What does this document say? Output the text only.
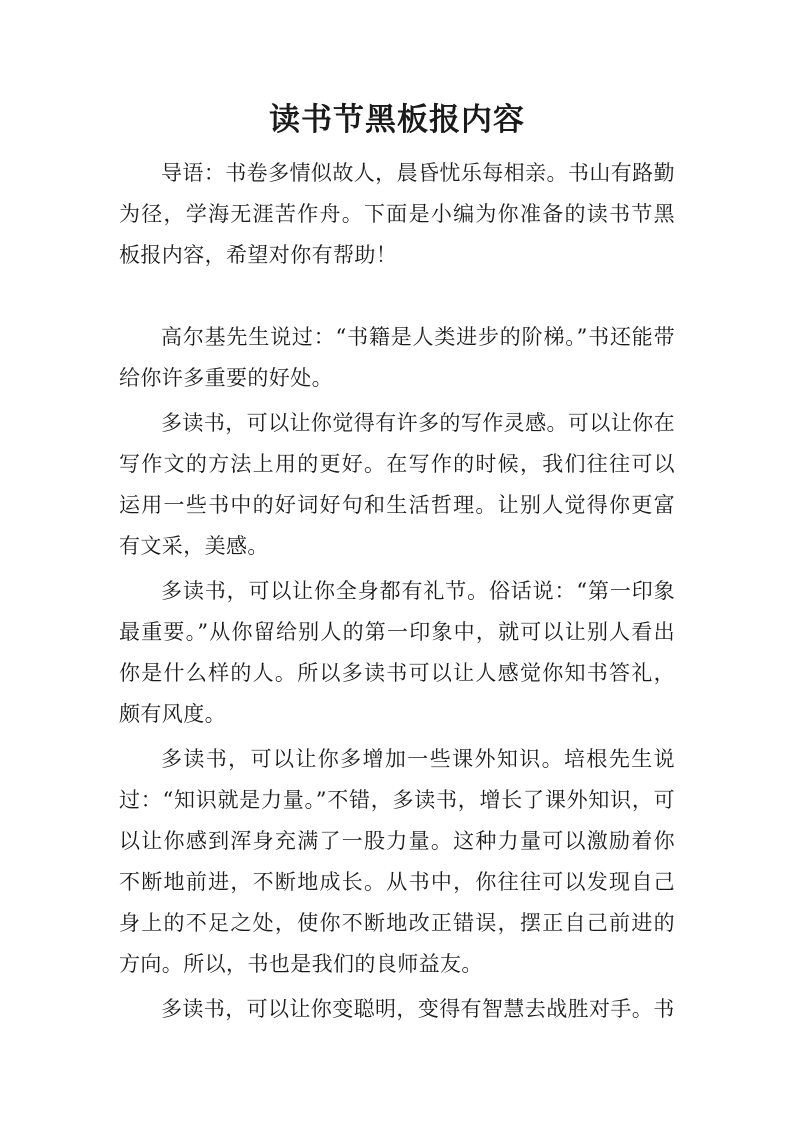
读书节黑板报内容

导语：书卷多情似故人，晨昏忧乐每相亲。书山有路勤为径，学海无涯苦作舟。下面是小编为你准备的读书节黑板报内容，希望对你有帮助！

高尔基先生说过：“书籍是人类进步的阶梯。”书还能带给你许多重要的好处。

多读书，可以让你觉得有许多的写作灵感。可以让你在写作文的方法上用的更好。在写作的时候，我们往往可以运用一些书中的好词好句和生活哲理。让别人觉得你更富有文采，美感。

多读书，可以让你全身都有礼节。俗话说：“第一印象最重要。”从你留给别人的第一印象中，就可以让别人看出你是什么样的人。所以多读书可以让人感觉你知书答礼，颇有风度。

多读书，可以让你多增加一些课外知识。培根先生说过：“知识就是力量。”不错，多读书，增长了课外知识，可以让你感到浑身充满了一股力量。这种力量可以激励着你不断地前进，不断地成长。从书中，你往往可以发现自己身上的不足之处，使你不断地改正错误，摆正自己前进的方向。所以，书也是我们的良师益友。

多读书，可以让你变聪明，变得有智慧去战胜对手。书
